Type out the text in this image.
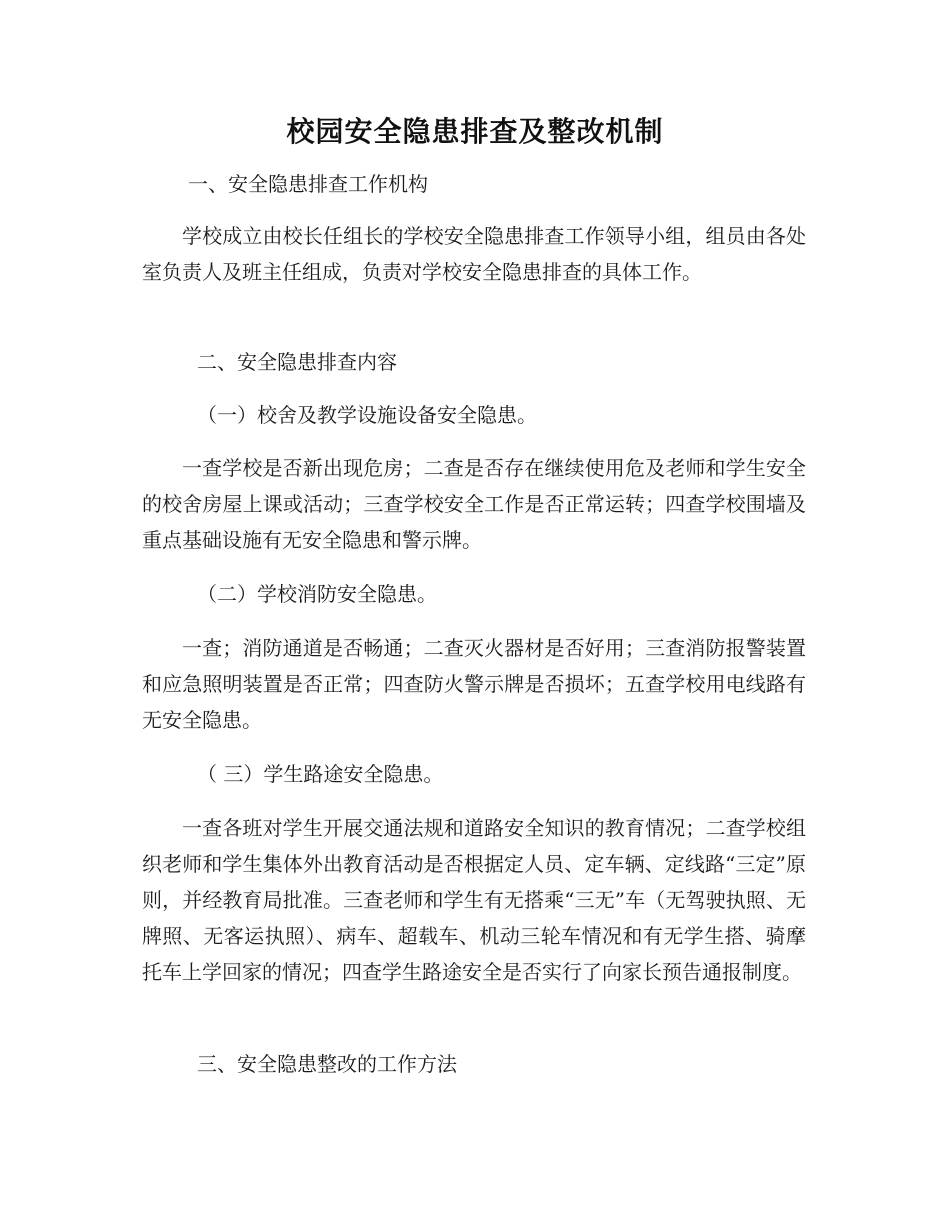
校园安全隐患排查及整改机制
一、安全隐患排查工作机构
学校成立由校长任组长的学校安全隐患排查工作领导小组，组员由各处室负责人及班主任组成，负责对学校安全隐患排查的具体工作。
二、安全隐患排查内容
（一）校舍及教学设施设备安全隐患。
一查学校是否新出现危房；二查是否存在继续使用危及老师和学生安全的校舍房屋上课或活动；三查学校安全工作是否正常运转；四查学校围墙及重点基础设施有无安全隐患和警示牌。
（二）学校消防安全隐患。
一查；消防通道是否畅通；二查灭火器材是否好用；三查消防报警装置和应急照明装置是否正常；四查防火警示牌是否损坏；五查学校用电线路有无安全隐患。
（ 三）学生路途安全隐患。
一查各班对学生开展交通法规和道路安全知识的教育情况；二查学校组织老师和学生集体外出教育活动是否根据定人员、定车辆、定线路“三定”原则，并经教育局批准。三查老师和学生有无搭乘“三无”车（无驾驶执照、无牌照、无客运执照）、病车、超载车、机动三轮车情况和有无学生搭、骑摩托车上学回家的情况；四查学生路途安全是否实行了向家长预告通报制度。
三、安全隐患整改的工作方法
